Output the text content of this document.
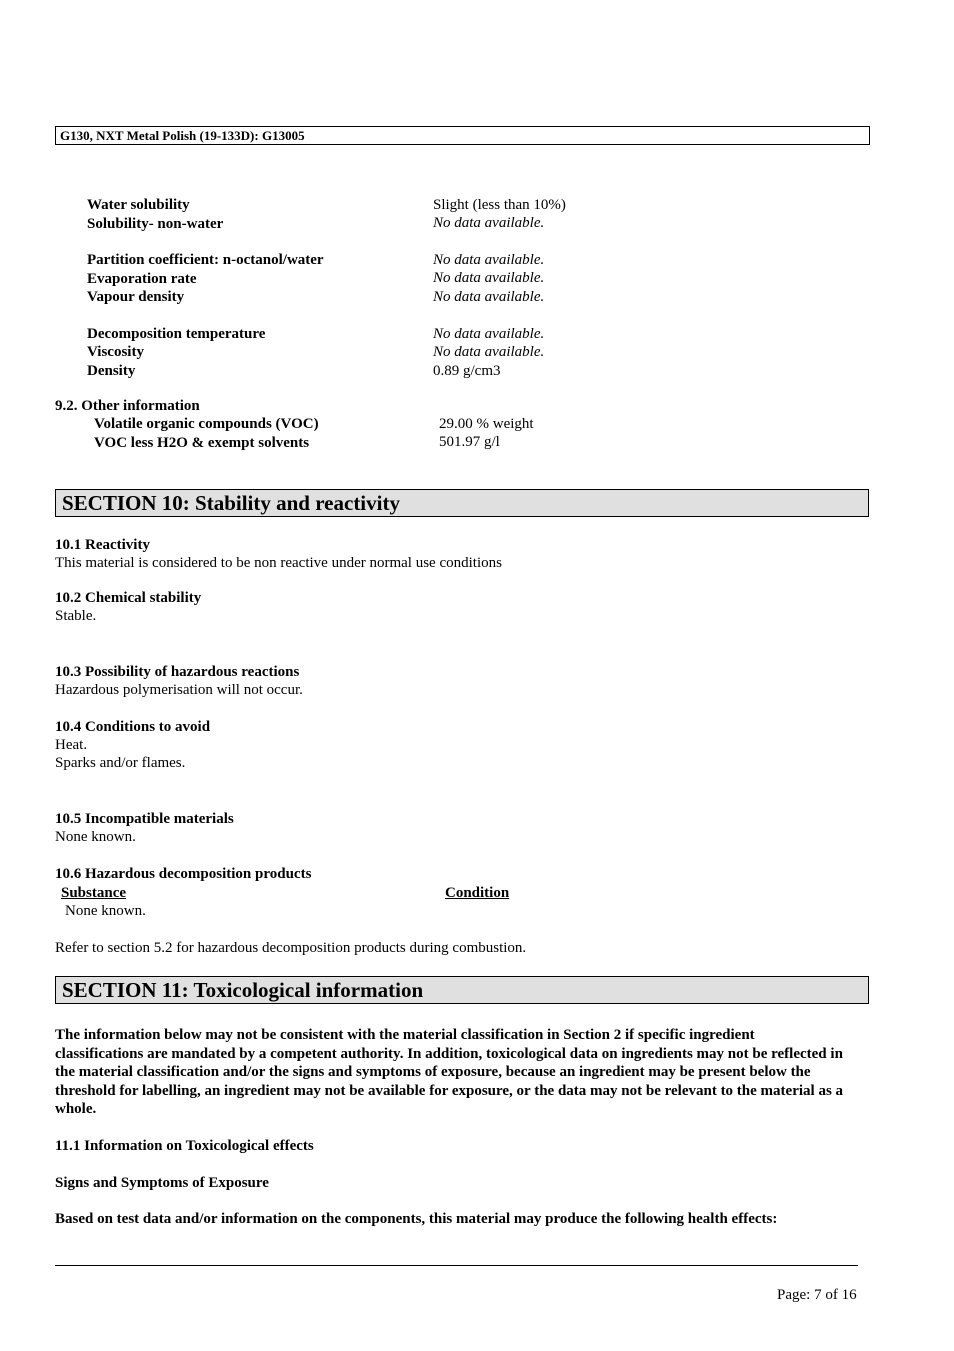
G130, NXT Metal Polish (19-133D): G13005
Water solubility	Slight (less than 10%)
Solubility- non-water	No data available.
Partition coefficient: n-octanol/water	No data available.
Evaporation rate	No data available.
Vapour density	No data available.
Decomposition temperature	No data available.
Viscosity	No data available.
Density	0.89 g/cm3
9.2. Other information
Volatile organic compounds (VOC)	29.00 % weight
VOC less H2O & exempt solvents	501.97 g/l
SECTION 10: Stability and reactivity
10.1 Reactivity
This material is considered to be non reactive under normal use conditions
10.2 Chemical stability
Stable.
10.3 Possibility of hazardous reactions
Hazardous polymerisation will not occur.
10.4 Conditions to avoid
Heat.
Sparks and/or flames.
10.5 Incompatible materials
None known.
10.6 Hazardous decomposition products
Substance	Condition
None known.
Refer to section 5.2 for hazardous decomposition products during combustion.
SECTION 11: Toxicological information
The information below may not be consistent with the material classification in Section 2 if specific ingredient classifications are mandated by a competent authority. In addition, toxicological data on ingredients may not be reflected in the material classification and/or the signs and symptoms of exposure, because an ingredient may be present below the threshold for labelling, an ingredient may not be available for exposure, or the data may not be relevant to the material as a whole.
11.1 Information on Toxicological effects
Signs and Symptoms of Exposure
Based on test data and/or information on the components, this material may produce the following health effects:
Page: 7 of 16
